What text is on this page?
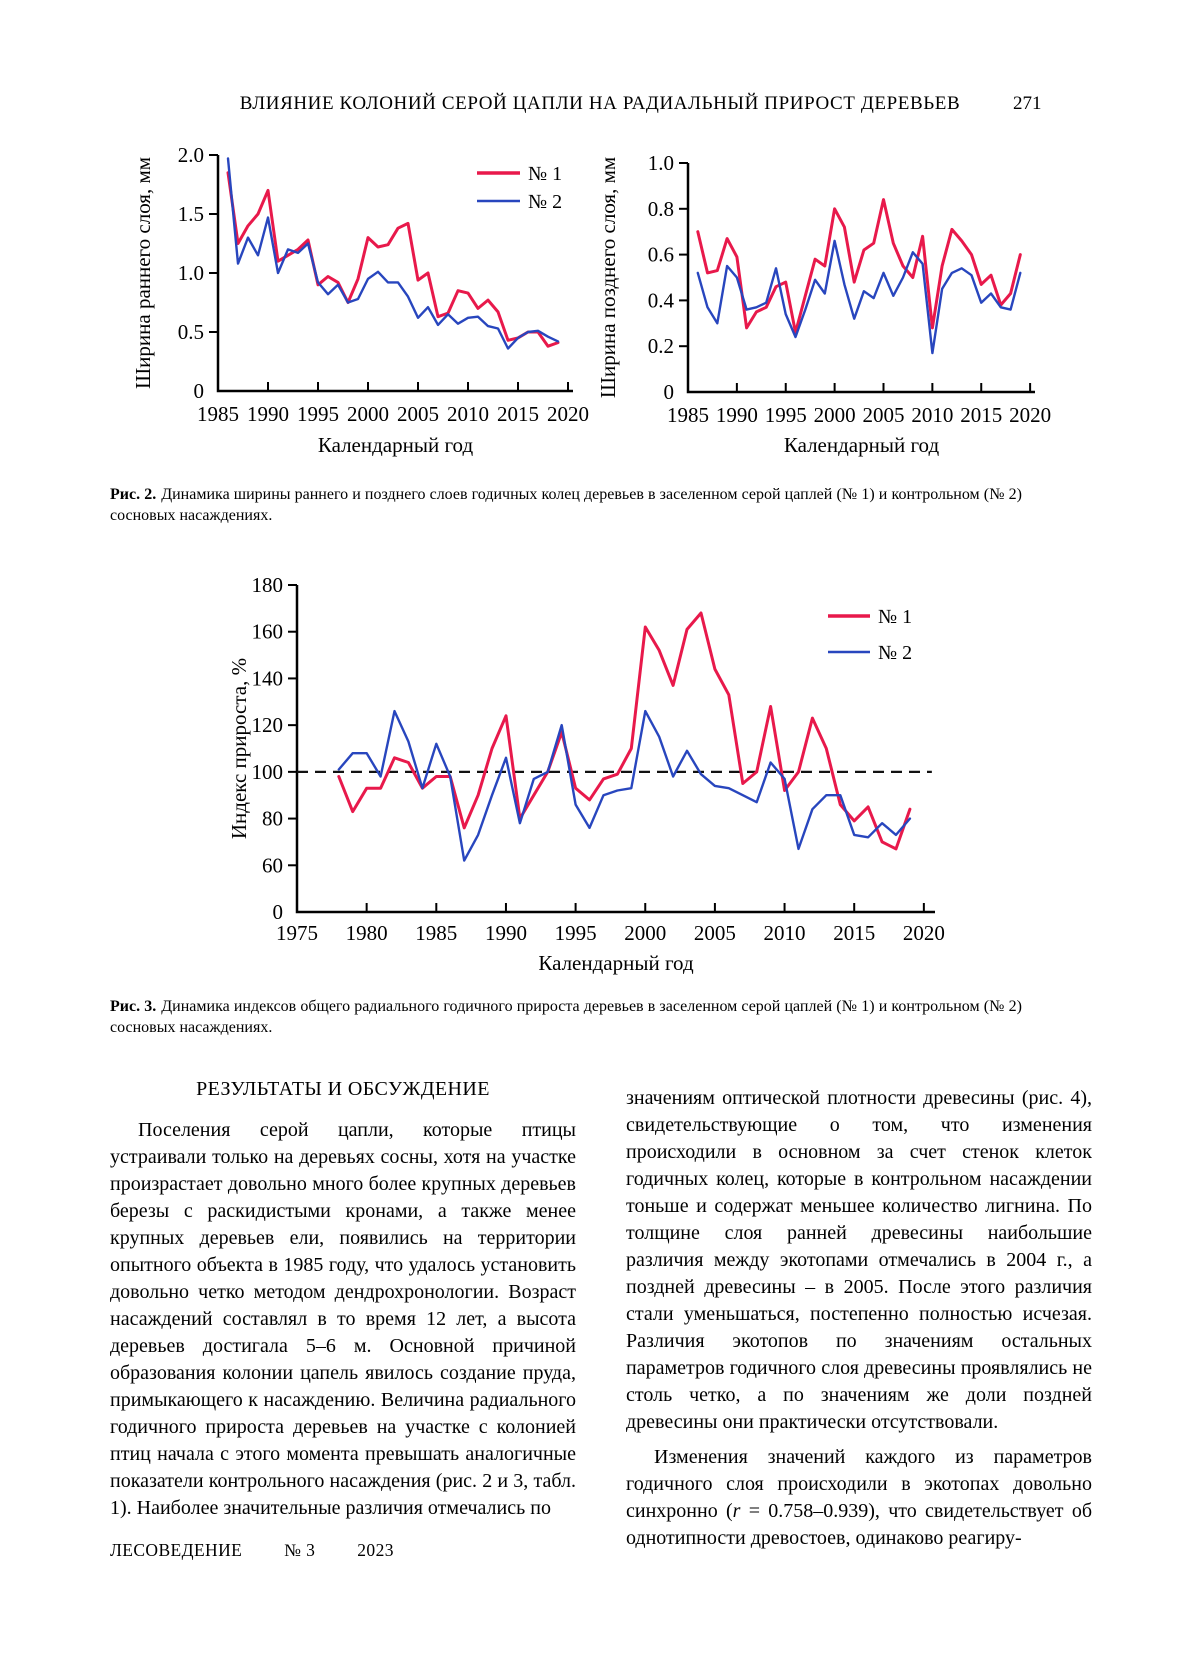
ВЛИЯНИЕ КОЛОНИЙ СЕРОЙ ЦАПЛИ НА РАДИАЛЬНЫЙ ПРИРОСТ ДЕРЕВЬЕВ	271
1985 1990 1995 2000 2005 2010 2015 2020
0
0.5
1.0
1.5
2.0
№ 1
№ 2
Ширина раннего слоя, мм
Календарный год
1985 1990 1995 2000 2005 2010 2015 2020
0
0.2
0.4
0.6
0.8
1.0
Ширина позднего слоя, мм
Календарный год
Рис. 2. Динамика ширины раннего и позднего слоев годичных колец деревьев в заселенном серой цаплей (№ 1) и контрольном (№ 2) сосновых насаждениях.
1975 1980 1985 1990 1995 2000 2005 2010 2015 2020
0
60
80
100
120
140
160
180
№ 1
№ 2
Индекс прироста, %
Календарный год
Рис. 3. Динамика индексов общего радиального годичного прироста деревьев в заселенном серой цаплей (№ 1) и контрольном (№ 2) сосновых насаждениях.
РЕЗУЛЬТАТЫ И ОБСУЖДЕНИЕ

Поселения серой цапли, которые птицы устраивали только на деревьях сосны, хотя на участке произрастает довольно много более крупных деревьев березы с раскидистыми кронами, а также менее крупных деревьев ели, появились на территории опытного объекта в 1985 году, что удалось установить довольно четко методом дендрохронологии. Возраст насаждений составлял в то время 12 лет, а высота деревьев достигала 5–6 м. Основной причиной образования колонии цапель явилось создание пруда, примыкающего к насаждению. Величина радиального годичного прироста деревьев на участке с колонией птиц начала с этого момента превышать аналогичные показатели контрольного насаждения (рис. 2 и 3, табл. 1). Наиболее значительные различия отмечались по

значениям оптической плотности древесины (рис. 4), свидетельствующие о том, что изменения происходили в основном за счет стенок клеток годичных колец, которые в контрольном насаждении тоньше и содержат меньшее количество лигнина. По толщине слоя ранней древесины наибольшие различия между экотопами отмечались в 2004 г., а поздней древесины – в 2005. После этого различия стали уменьшаться, постепенно полностью исчезая. Различия экотопов по значениям остальных параметров годичного слоя древесины проявлялись не столь четко, а по значениям же доли поздней древесины они практически отсутствовали.

Изменения значений каждого из параметров годичного слоя происходили в экотопах довольно синхронно (r = 0.758–0.939), что свидетельствует об однотипности древостоев, одинаково реагиру-

ЛЕСОВЕДЕНИЕ № 3 2023
